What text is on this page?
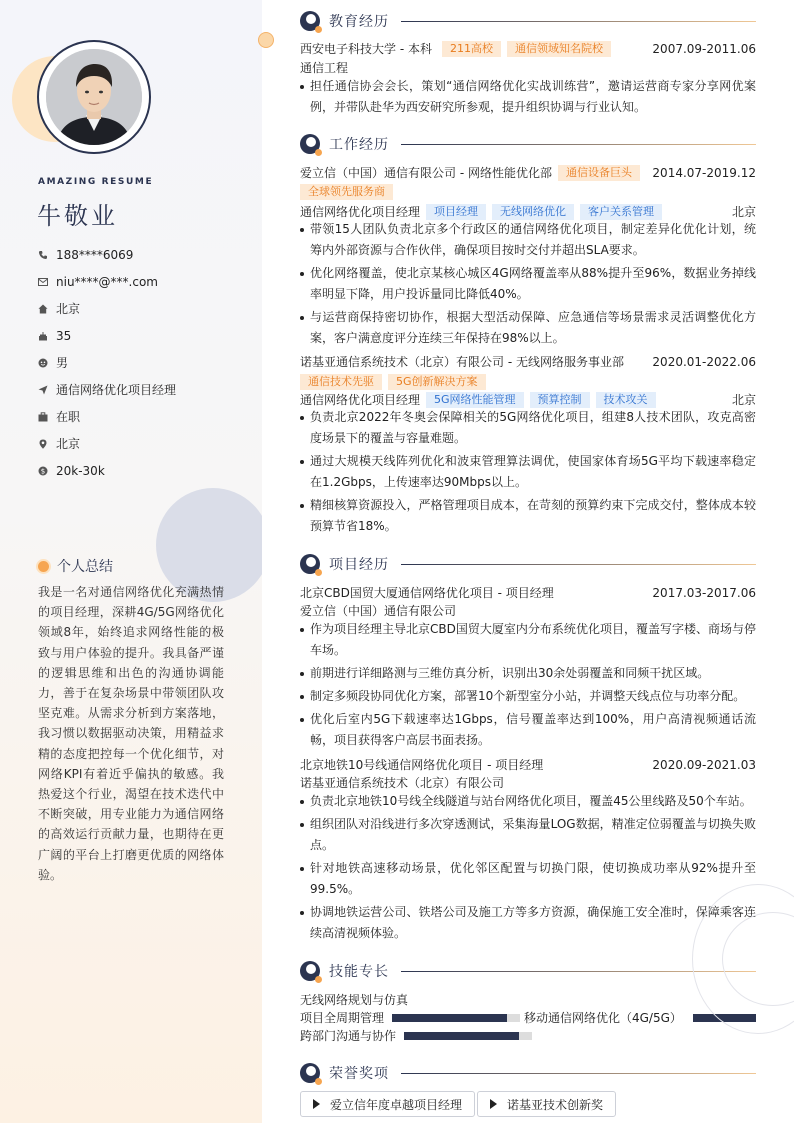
AMAZING RESUME
牛敬业
188****6069
niu****@***.com
北京
35
男
通信网络优化项目经理
在职
北京
$ 20k-30k
个人总结
我是一名对通信网络优化充满热情的项目经理，深耕4G/5G网络优化领域8年，始终追求网络性能的极致与用户体验的提升。我具备严谨的逻辑思维和出色的沟通协调能力，善于在复杂场景中带领团队攻坚克难。从需求分析到方案落地，我习惯以数据驱动决策，用精益求精的态度把控每一个优化细节，对网络KPI有着近乎偏执的敏感。我热爱这个行业，渴望在技术迭代中不断突破，用专业能力为通信网络的高效运行贡献力量，也期待在更广阔的平台上打磨更优质的网络体验。
教育经历
西安电子科技大学 - 本科	211高校	通信领域知名院校	2007.09-2011.06
通信工程
担任通信协会会长，策划“通信网络优化实战训练营”，邀请运营商专家分享网优案例，并带队赴华为西安研究所参观，提升组织协调与行业认知。
工作经历
爱立信（中国）通信有限公司 - 网络性能优化部	通信设备巨头	2014.07-2019.12
全球领先服务商
通信网络优化项目经理	项目经理	无线网络优化	客户关系管理	北京
带领15人团队负责北京多个行政区的通信网络优化项目，制定差异化优化计划，统筹内外部资源与合作伙伴，确保项目按时交付并超出SLA要求。
优化网络覆盖，使北京某核心城区4G网络覆盖率从88%提升至96%，数据业务掉线率明显下降，用户投诉量同比降低40%。
与运营商保持密切协作，根据大型活动保障、应急通信等场景需求灵活调整优化方案，客户满意度评分连续三年保持在98%以上。
诺基亚通信系统技术（北京）有限公司 - 无线网络服务事业部 2020.01-2022.06
通信技术先驱	5G创新解决方案
通信网络优化项目经理	5G网络性能管理	预算控制	技术攻关	北京
负责北京2022年冬奥会保障相关的5G网络优化项目，组建8人技术团队，攻克高密度场景下的覆盖与容量难题。
通过大规模天线阵列优化和波束管理算法调优，使国家体育场5G平均下载速率稳定在1.2Gbps，上传速率达90Mbps以上。
精细核算资源投入，严格管理项目成本，在苛刻的预算约束下完成交付，整体成本较预算节省18%。
项目经历
北京CBD国贸大厦通信网络优化项目 - 项目经理	2017.03-2017.06
爱立信（中国）通信有限公司
作为项目经理主导北京CBD国贸大厦室内分布系统优化项目，覆盖写字楼、商场与停车场。
前期进行详细路测与三维仿真分析，识别出30余处弱覆盖和同频干扰区域。
制定多频段协同优化方案，部署10个新型室分小站，并调整天线点位与功率分配。
优化后室内5G下载速率达1Gbps，信号覆盖率达到100%，用户高清视频通话流畅，项目获得客户高层书面表扬。
北京地铁10号线通信网络优化项目 - 项目经理	2020.09-2021.03
诺基亚通信系统技术（北京）有限公司
负责北京地铁10号线全线隧道与站台网络优化项目，覆盖45公里线路及50个车站。
组织团队对沿线进行多次穿透测试，采集海量LOG数据，精准定位弱覆盖与切换失败点。
针对地铁高速移动场景，优化邻区配置与切换门限，使切换成功率从92%提升至99.5%。
协调地铁运营公司、铁塔公司及施工方等多方资源，确保施工安全准时，保障乘客连续高清视频体验。
技能专长
无线网络规划与仿真
项目全周期管理	移动通信网络优化（4G/5G）
跨部门沟通与协作
荣誉奖项
爱立信年度卓越项目经理	诺基亚技术创新奖
